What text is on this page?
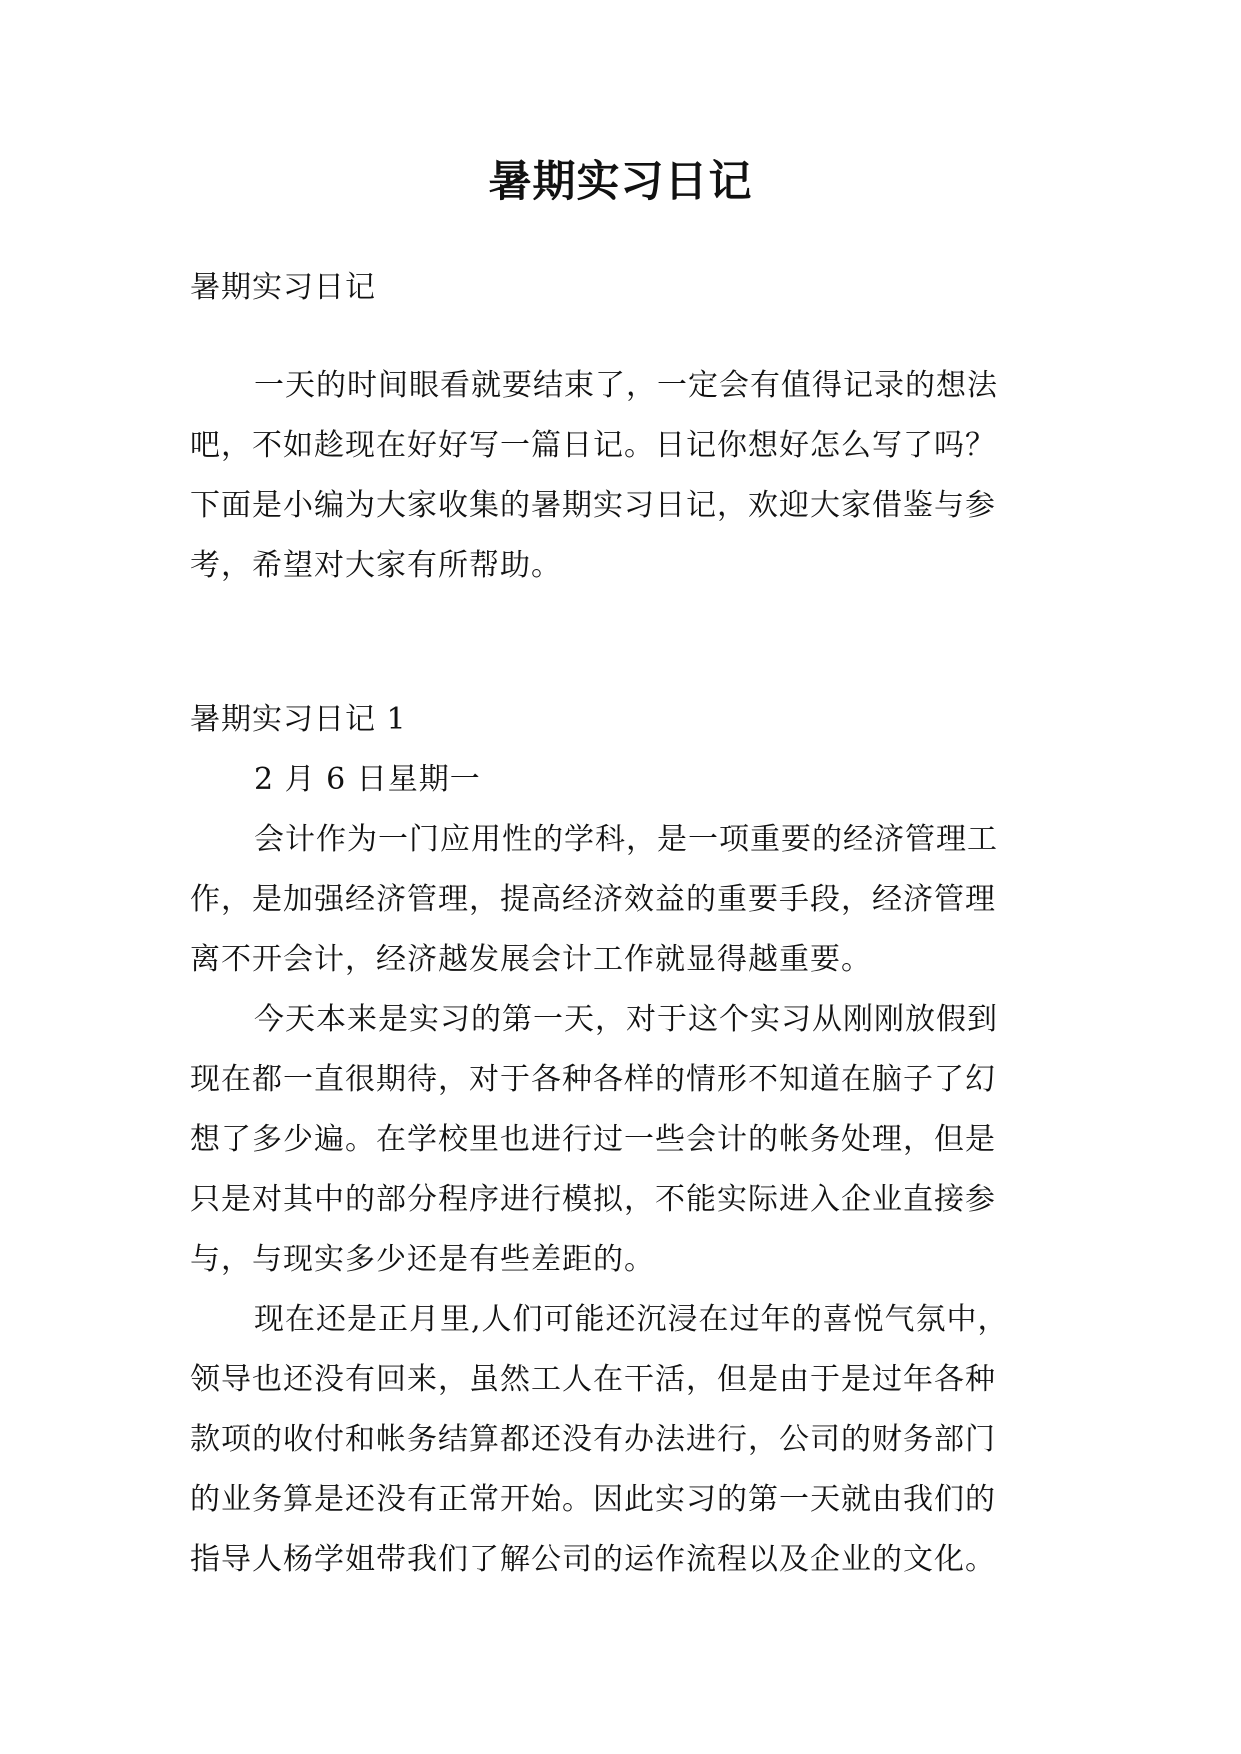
暑期实习日记
暑期实习日记
一天的时间眼看就要结束了，一定会有值得记录的想法
吧，不如趁现在好好写一篇日记。日记你想好怎么写了吗？
下面是小编为大家收集的暑期实习日记，欢迎大家借鉴与参
考，希望对大家有所帮助。
暑期实习日记 1
2 月 6 日星期一
会计作为一门应用性的学科，是一项重要的经济管理工
作，是加强经济管理，提高经济效益的重要手段，经济管理
离不开会计，经济越发展会计工作就显得越重要。
今天本来是实习的第一天，对于这个实习从刚刚放假到
现在都一直很期待，对于各种各样的情形不知道在脑子了幻
想了多少遍。在学校里也进行过一些会计的帐务处理，但是
只是对其中的部分程序进行模拟，不能实际进入企业直接参
与，与现实多少还是有些差距的。
现在还是正月里,人们可能还沉浸在过年的喜悦气氛中，
领导也还没有回来，虽然工人在干活，但是由于是过年各种
款项的收付和帐务结算都还没有办法进行，公司的财务部门
的业务算是还没有正常开始。因此实习的第一天就由我们的
指导人杨学姐带我们了解公司的运作流程以及企业的文化。
